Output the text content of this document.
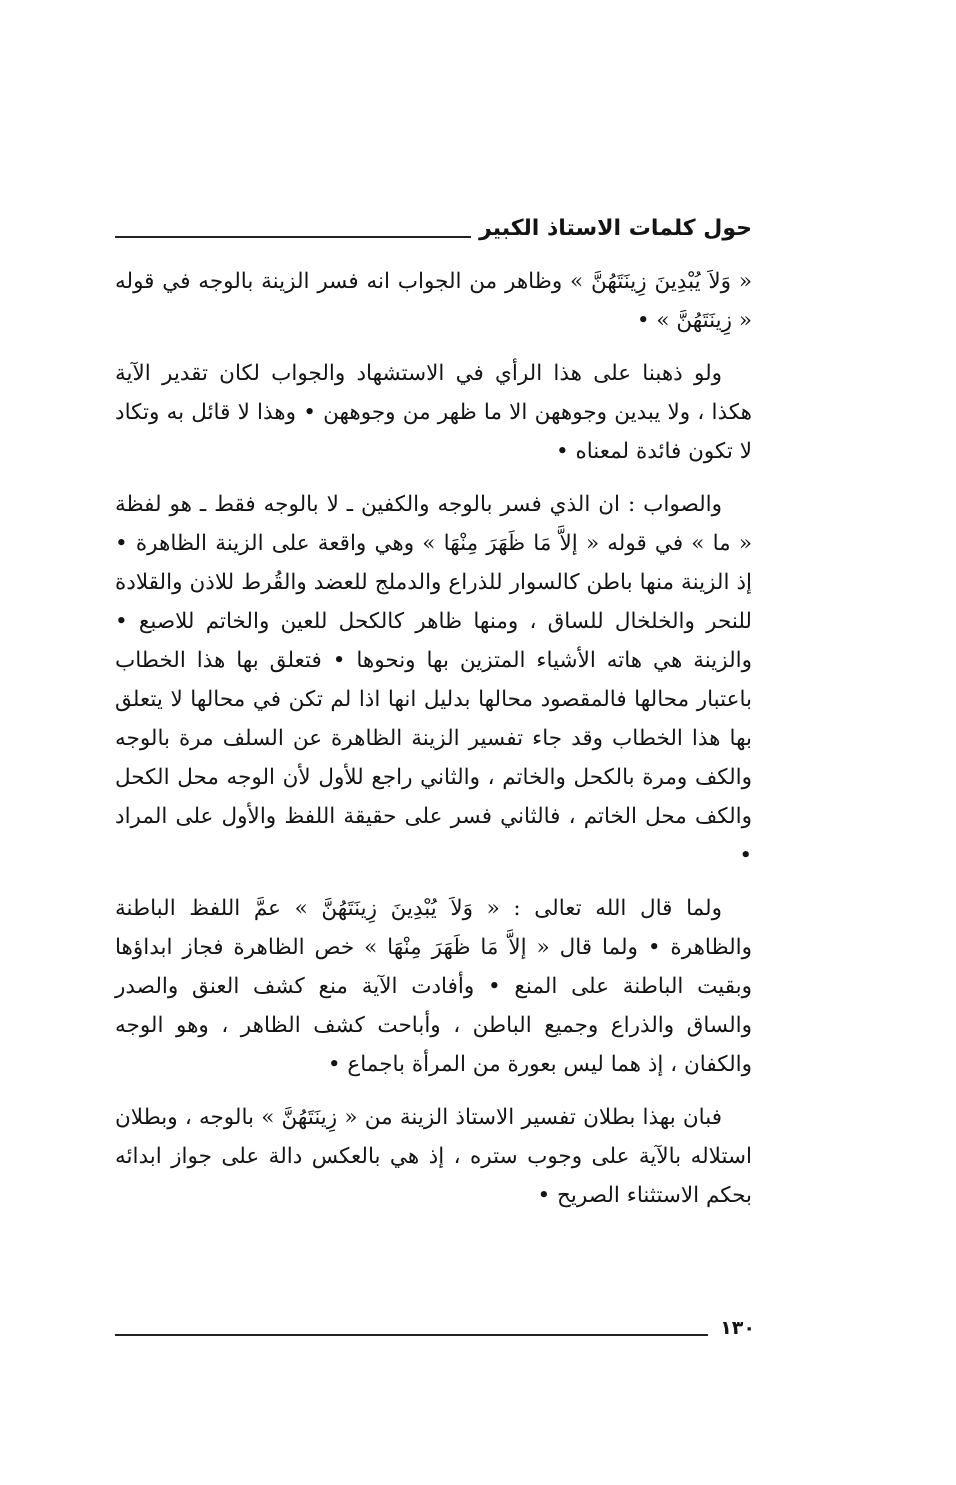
حول كلمات الاستاذ الكبير

« وَلاَ يُبْدِينَ زِينَتَهُنَّ » وظاهر من الجواب انه فسر الزينة بالوجه في قوله « زِينَتَهُنَّ » •

ولو ذهبنا على هذا الرأي في الاستشهاد والجواب لكان تقدير الآية هكذا ، ولا يبدين وجوههن الا ما ظهر من وجوههن • وهذا لا قائل به وتكاد لا تكون فائدة لمعناه •

والصواب : ان الذي فسر بالوجه والكفين ـ لا بالوجه فقط ـ هو لفظة « ما » في قوله « إلاَّ مَا ظَهَرَ مِنْهَا » وهي واقعة على الزينة الظاهرة • إذ الزينة منها باطن كالسوار للذراع والدملج للعضد والقُرط للاذن والقلادة للنحر والخلخال للساق ، ومنها ظاهر كالكحل للعين والخاتم للاصبع • والزينة هي هاته الأشياء المتزين بها ونحوها • فتعلق بها هذا الخطاب باعتبار محالها فالمقصود محالها بدليل انها اذا لم تكن في محالها لا يتعلق بها هذا الخطاب وقد جاء تفسير الزينة الظاهرة عن السلف مرة بالوجه والكف ومرة بالكحل والخاتم ، والثاني راجع للأول لأن الوجه محل الكحل والكف محل الخاتم ، فالثاني فسر على حقيقة اللفظ والأول على المراد •

ولما قال الله تعالى : « وَلاَ يُبْدِينَ زِينَتَهُنَّ » عمَّ اللفظ الباطنة والظاهرة • ولما قال « إلاَّ مَا ظَهَرَ مِنْهَا » خص الظاهرة فجاز ابداؤها وبقيت الباطنة على المنع • وأفادت الآية منع كشف العنق والصدر والساق والذراع وجميع الباطن ، وأباحت كشف الظاهر ، وهو الوجه والكفان ، إذ هما ليس بعورة من المرأة باجماع •

فبان بهذا بطلان تفسير الاستاذ الزينة من « زِينَتَهُنَّ » بالوجه ، وبطلان استلاله بالآية على وجوب ستره ، إذ هي بالعكس دالة على جواز ابدائه بحكم الاستثناء الصريح •

١٣٠
